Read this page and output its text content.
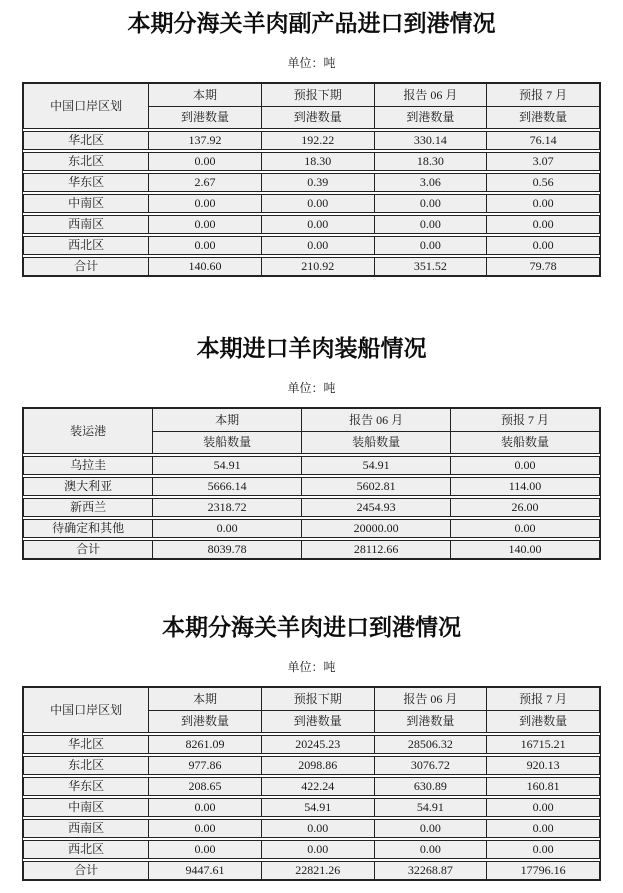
本期分海关羊肉副产品进口到港情况
单位：吨
中国口岸区划
本期	预报下期	报告 06 月	预报 7 月
到港数量	到港数量	到港数量	到港数量
华北区	137.92	192.22	330.14	76.14
东北区	0.00	18.30	18.30	3.07
华东区	2.67	0.39	3.06	0.56
中南区	0.00	0.00	0.00	0.00
西南区	0.00	0.00	0.00	0.00
西北区	0.00	0.00	0.00	0.00
合计	140.60	210.92	351.52	79.78
本期进口羊肉装船情况
单位：吨
装运港
本期	报告 06 月	预报 7 月
装船数量	装船数量	装船数量
乌拉圭	54.91	54.91	0.00
澳大利亚	5666.14	5602.81	114.00
新西兰	2318.72	2454.93	26.00
待确定和其他	0.00	20000.00	0.00
合计	8039.78	28112.66	140.00
本期分海关羊肉进口到港情况
单位：吨
中国口岸区划
本期	预报下期	报告 06 月	预报 7 月
到港数量	到港数量	到港数量	到港数量
华北区	8261.09	20245.23	28506.32	16715.21
东北区	977.86	2098.86	3076.72	920.13
华东区	208.65	422.24	630.89	160.81
中南区	0.00	54.91	54.91	0.00
西南区	0.00	0.00	0.00	0.00
西北区	0.00	0.00	0.00	0.00
合计	9447.61	22821.26	32268.87	17796.16
